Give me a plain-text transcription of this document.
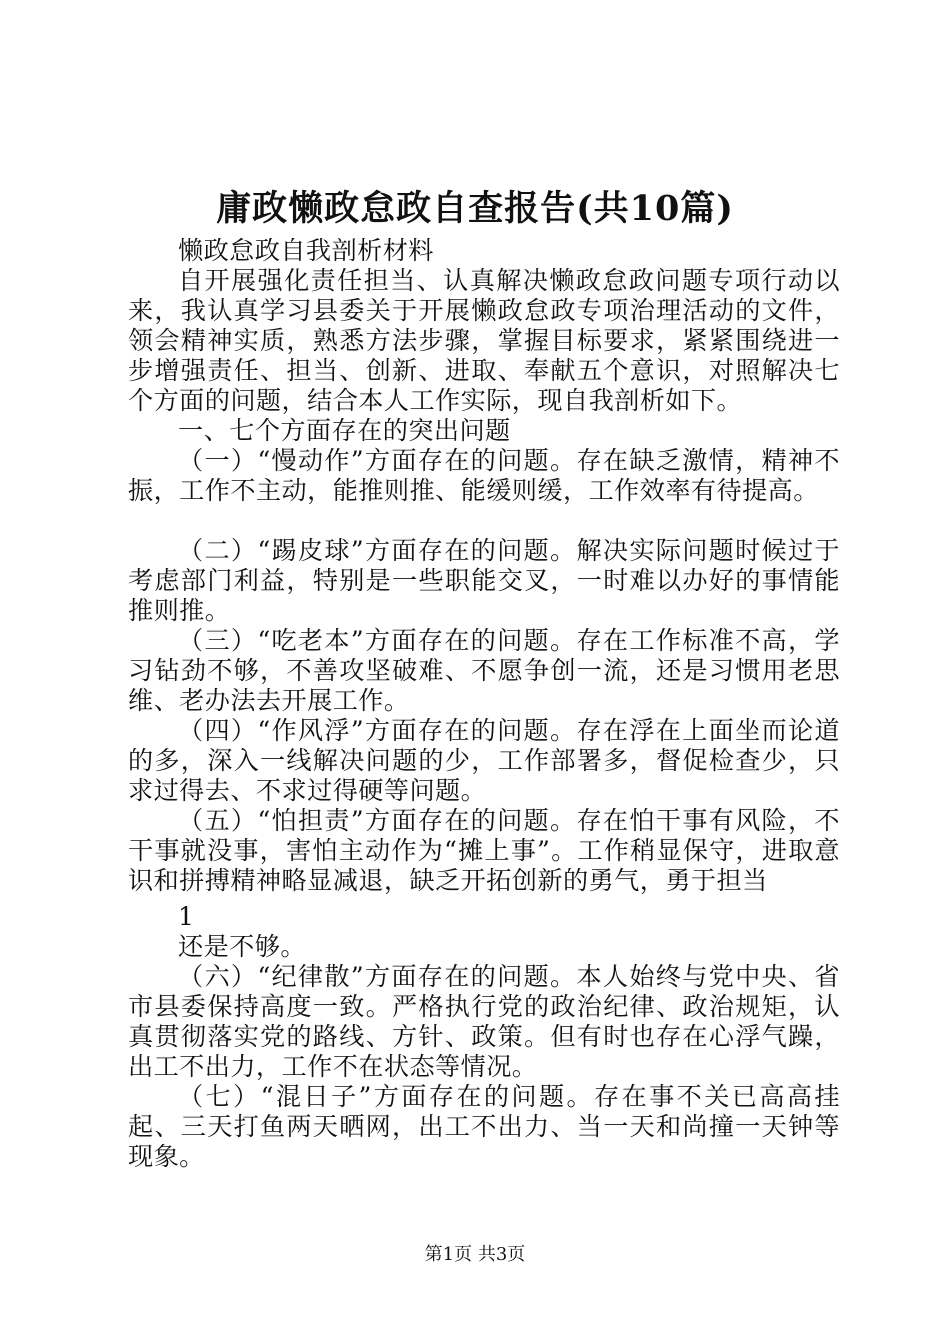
庸政懒政怠政自查报告(共10篇)

懒政怠政自我剖析材料

自开展强化责任担当、认真解决懒政怠政问题专项行动以来，我认真学习县委关于开展懒政怠政专项治理活动的文件，领会精神实质，熟悉方法步骤，掌握目标要求，紧紧围绕进一步增强责任、担当、创新、进取、奉献五个意识，对照解决七个方面的问题，结合本人工作实际，现自我剖析如下。

一、七个方面存在的突出问题

（一）“慢动作”方面存在的问题。存在缺乏激情，精神不振，工作不主动，能推则推、能缓则缓，工作效率有待提高。

（二）“踢皮球”方面存在的问题。解决实际问题时候过于考虑部门利益，特别是一些职能交叉，一时难以办好的事情能推则推。

（三）“吃老本”方面存在的问题。存在工作标准不高，学习钻劲不够，不善攻坚破难、不愿争创一流，还是习惯用老思维、老办法去开展工作。

（四）“作风浮”方面存在的问题。存在浮在上面坐而论道的多，深入一线解决问题的少，工作部署多，督促检查少，只求过得去、不求过得硬等问题。

（五）“怕担责”方面存在的问题。存在怕干事有风险，不干事就没事，害怕主动作为“摊上事”。工作稍显保守，进取意识和拼搏精神略显减退，缺乏开拓创新的勇气，勇于担当

1

还是不够。

（六）“纪律散”方面存在的问题。本人始终与党中央、省市县委保持高度一致。严格执行党的政治纪律、政治规矩，认真贯彻落实党的路线、方针、政策。但有时也存在心浮气躁，出工不出力，工作不在状态等情况。

（七）“混日子”方面存在的问题。存在事不关已高高挂起、三天打鱼两天晒网，出工不出力、当一天和尚撞一天钟等现象。

第1页 共3页
